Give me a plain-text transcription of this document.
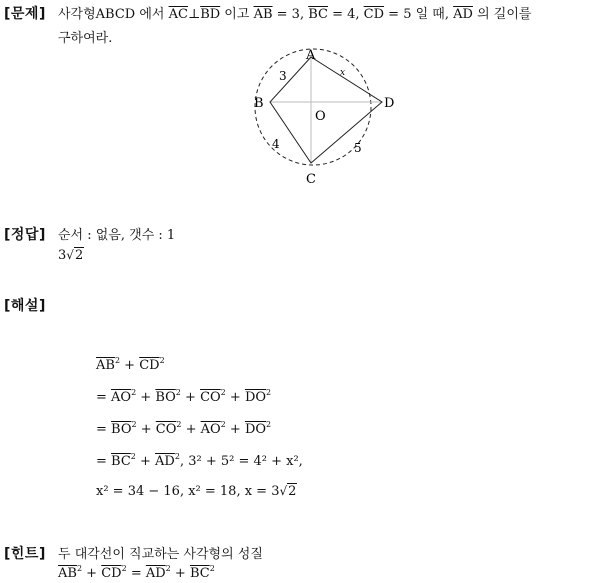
[문제] 사각형ABCD 에서 $\overline{AC}\perp\overline{BD}$ 이고 $\overline{AB} = 3$, $\overline{BC} = 4$, $\overline{CD} = 5$ 일 때, $\overline{AD}$ 의 길이를
구하여라.
A
B
C
D
O
3
4	5
x
[정답] 순서 : 없음, 갯수 : 1
3√2
[해설]
$\overline{AB}^2 + \overline{CD}^2$
= $\overline{AO}^2 + \overline{BO}^2 + \overline{CO}^2 + \overline{DO}^2$
= $\overline{BO}^2 + \overline{CO}^2 + \overline{AO}^2 + \overline{DO}^2$
= $\overline{BC}^2 + \overline{AD}^2$, 3² + 5² = 4² + x²,
x² = 34 − 16, x² = 18, x = 3√2
[힌트] 두 대각선이 직교하는 사각형의 성질
$\overline{AB}^2 + \overline{CD}^2 = \overline{AD}^2 + \overline{BC}^2$
